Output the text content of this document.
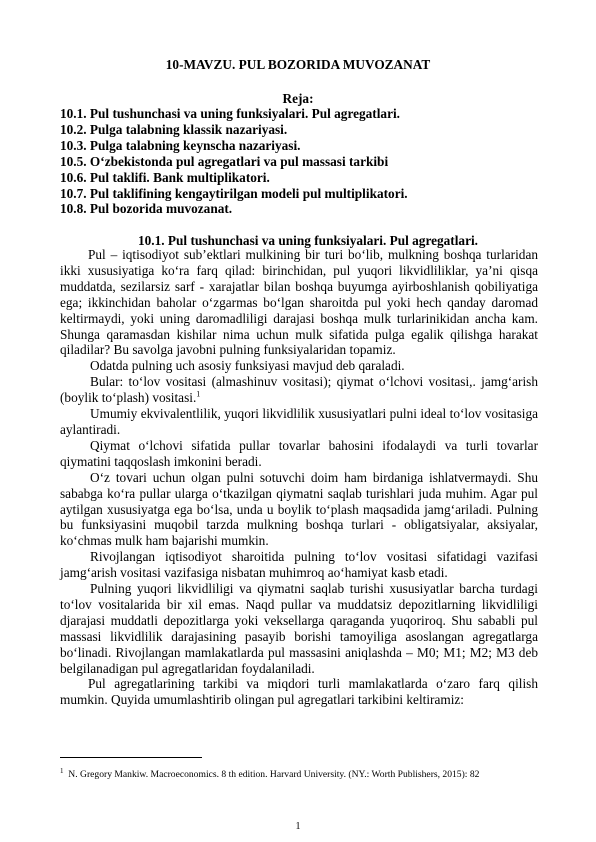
10-MAVZU. PUL BOZORIDA MUVOZANAT
Reja:
10.1. Pul tushunchasi va uning funksiyalari. Pul agregatlari.
10.2. Pulga talabning klassik nazariyasi.
10.3. Pulga talabning keynscha nazariyasi.
10.5. O‘zbekistonda pul agregatlari va pul massasi tarkibi
10.6. Pul taklifi. Bank multiplikatori.
10.7. Pul taklifining kengaytirilgan modeli pul multiplikatori.
10.8. Pul bozorida muvozanat.
10.1. Pul tushunchasi va uning funksiyalari. Pul agregatlari.

Pul – iqtisodiyot sub’ektlari mulkining bir turi bo‘lib, mulkning boshqa turlaridan ikki xususiyatiga ko‘ra farq qilad: birinchidan, pul yuqori likvidliliklar, ya’ni qisqa muddatda, sezilarsiz sarf - xarajatlar bilan boshqa buyumga ayirboshlanish qobiliyatiga ega; ikkinchidan baholar o‘zgarmas bo‘lgan sharoitda pul yoki hech qanday daromad keltirmaydi, yoki uning daromadliligi darajasi boshqa mulk turlarinikidan ancha kam. Shunga qaramasdan kishilar nima uchun mulk sifatida pulga egalik qilishga harakat qiladilar? Bu savolga javobni pulning funksiyalaridan topamiz.

Odatda pulning uch asosiy funksiyasi mavjud deb qaraladi.

Bular: to‘lov vositasi (almashinuv vositasi); qiymat o‘lchovi vositasi,. jamg‘arish (boylik to‘plash) vositasi.$^1$

Umumiy ekvivalentlilik, yuqori likvidlilik xususiyatlari pulni ideal to‘lov vositasiga aylantiradi.

Qiymat o‘lchovi sifatida pullar tovarlar bahosini ifodalaydi va turli tovarlar qiymatini taqqoslash imkonini beradi.

O‘z tovari uchun olgan pulni sotuvchi doim ham birdaniga ishlatvermaydi. Shu sababga ko‘ra pullar ularga o‘tkazilgan qiymatni saqlab turishlari juda muhim. Agar pul aytilgan xususiyatga ega bo‘lsa, unda u boylik to‘plash maqsadida jamg‘ariladi. Pulning bu funksiyasini muqobil tarzda mulkning boshqa turlari - obligatsiyalar, aksiyalar, ko‘chmas mulk ham bajarishi mumkin.

Rivojlangan iqtisodiyot sharoitida pulning to‘lov vositasi sifatidagi vazifasi jamg‘arish vositasi vazifasiga nisbatan muhimroq ao‘hamiyat kasb etadi.

Pulning yuqori likvidliligi va qiymatni saqlab turishi xususiyatlar barcha turdagi to‘lov vositalarida bir xil emas. Naqd pullar va muddatsiz depozitlarning likvidliligi djarajasi muddatli depozitlarga yoki veksellarga qaraganda yuqoriroq. Shu sababli pul massasi likvidlilik darajasining pasayib borishi tamoyiliga asoslangan agregatlarga bo‘linadi. Rivojlangan mamlakatlarda pul massasini aniqlashda – M0; M1; M2; M3 deb belgilanadigan pul agregatlaridan foydalaniladi.

Pul agregatlarining tarkibi va miqdori turli mamlakatlarda o‘zaro farq qilish mumkin. Quyida umumlashtirib olingan pul agregatlari tarkibini keltiramiz:

$^1$ N. Gregory Mankiw. Macroeconomics. 8 th edition. Harvard University. (NY.: Worth Publishers, 2015): 82
1
